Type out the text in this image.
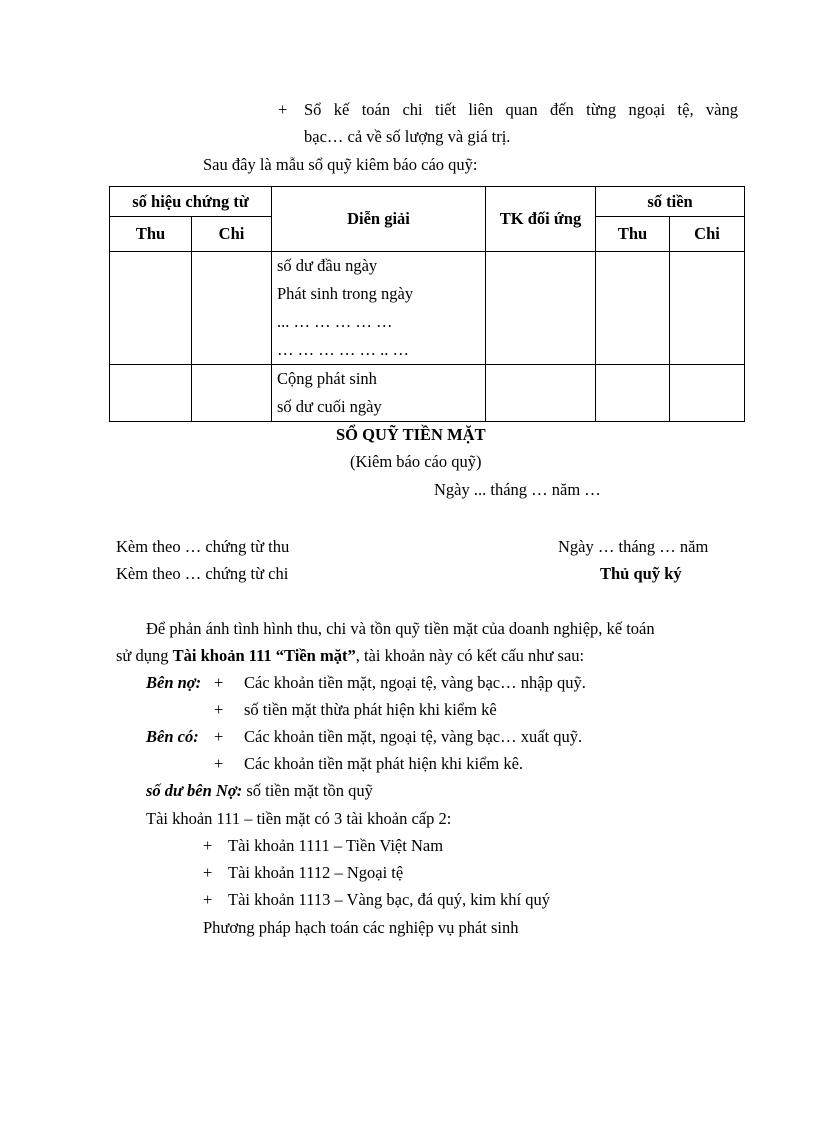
+	Sổ kế toán chi tiết liên quan đến từng ngoại tệ, vàng
bạc… cả về số lượng và giá trị.
Sau đây là mẫu sổ quỹ kiêm báo cáo quỹ:
số hiệu chứng từ		Diễn giải	TK đối ứng	số tiền	
Thu	Chi			Thu	Chi

		số dư đầu ngày
Phát sinh trong ngày
... … … … … …
… … … … … .. …			

		Cộng phát sinh
số dư cuối ngày			

SỔ QUỸ TIỀN MẶT
(Kiêm báo cáo quỹ)
Ngày ... tháng … năm …
Kèm theo … chứng từ thu	Ngày … tháng … năm
Kèm theo … chứng từ chi	Thủ quỹ ký
Để phản ánh tình hình thu, chi và tồn quỹ tiền mặt của doanh nghiệp, kế toán
sử dụng Tài khoản 111 “Tiền mặt”, tài khoản này có kết cấu như sau:
Bên nợ: + Các khoản tiền mặt, ngoại tệ, vàng bạc… nhập quỹ.
+ số tiền mặt thừa phát hiện khi kiểm kê
Bên có: + Các khoản tiền mặt, ngoại tệ, vàng bạc… xuất quỹ.
+ Các khoản tiền mặt phát hiện khi kiểm kê.
số dư bên Nợ: số tiền mặt tồn quỹ
Tài khoản 111 – tiền mặt có 3 tài khoản cấp 2:
+ Tài khoản 1111 – Tiền Việt Nam
+ Tài khoản 1112 – Ngoại tệ
+ Tài khoản 1113 – Vàng bạc, đá quý, kim khí quý
Phương pháp hạch toán các nghiệp vụ phát sinh
